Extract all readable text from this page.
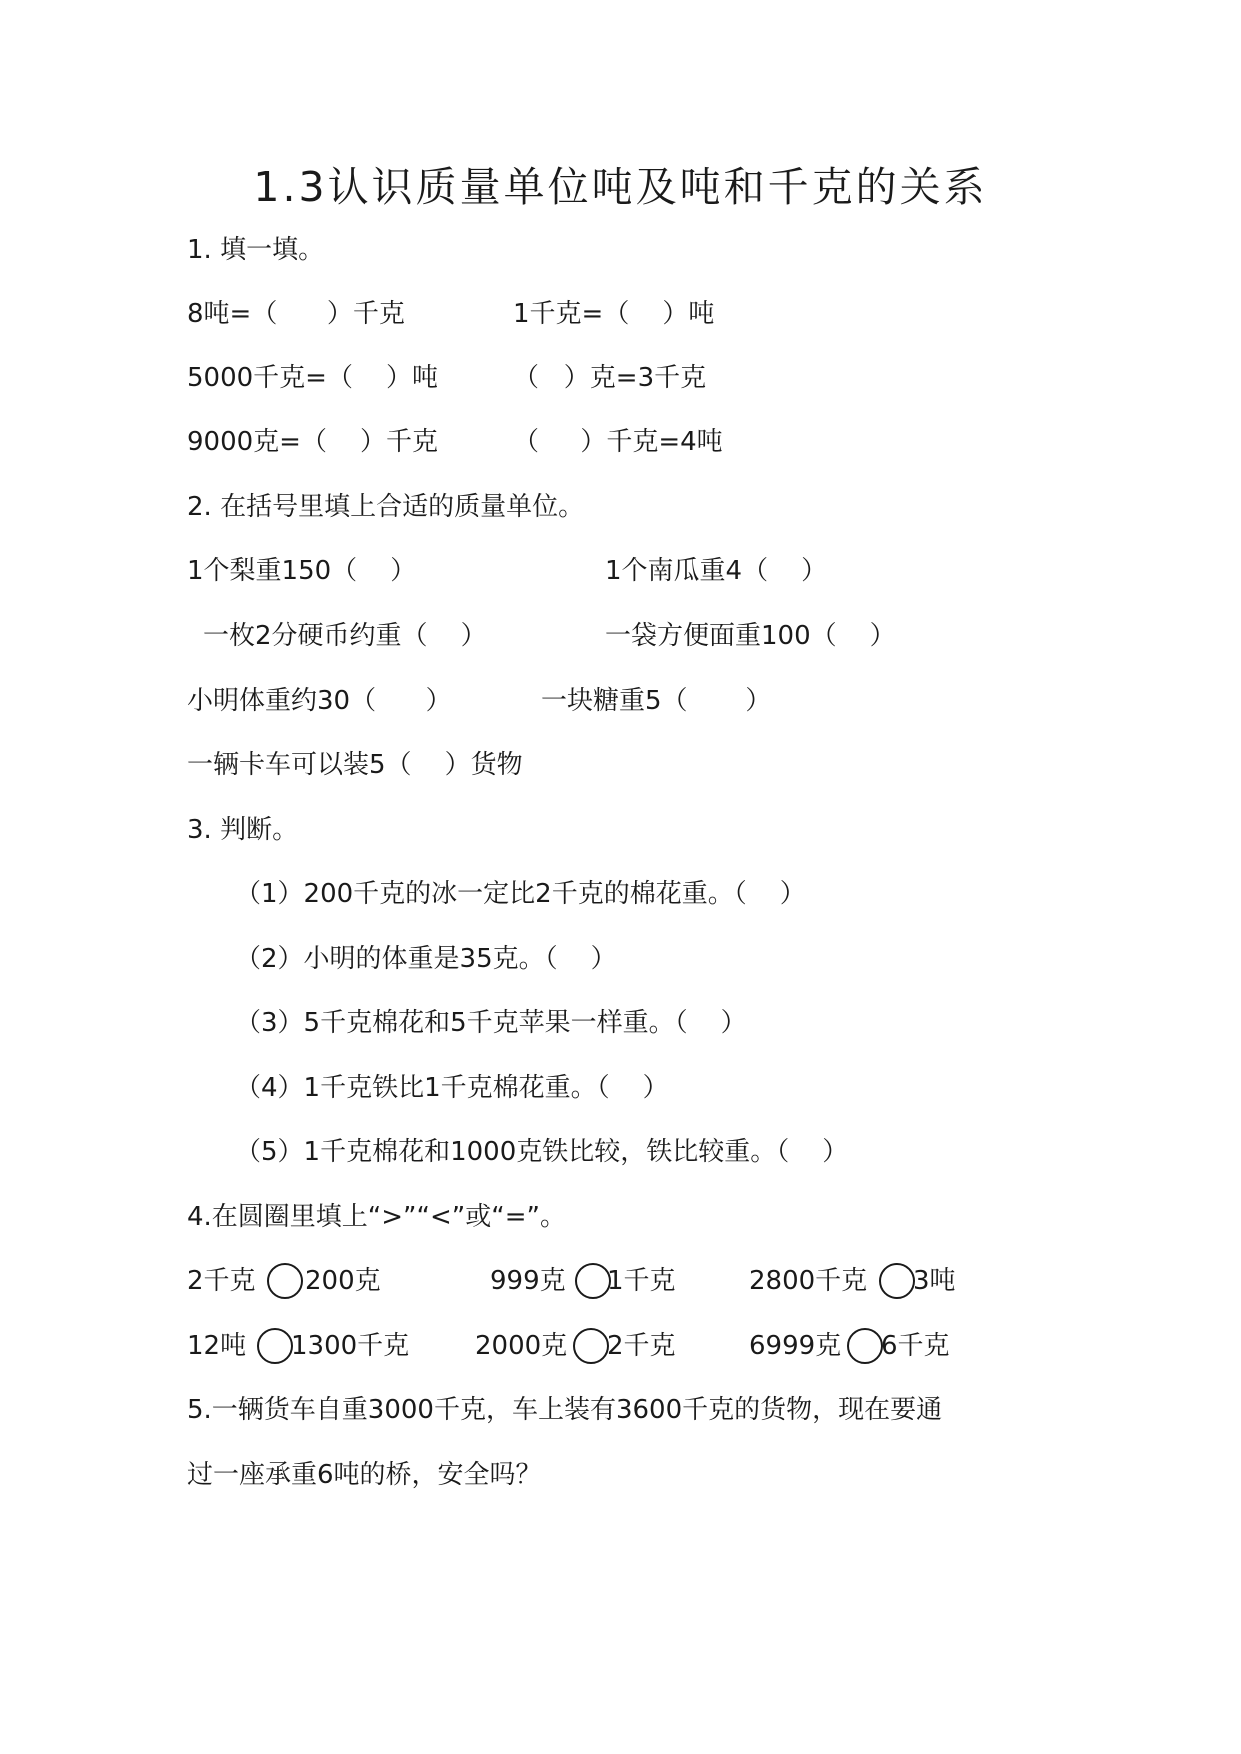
1.3认识质量单位吨及吨和千克的关系
1. 填一填。
8吨=（      ）千克	1千克=（    ）吨
5000千克=（    ）吨	（   ）克=3千克
9000克=（    ）千克	（     ）千克=4吨
2. 在括号里填上合适的质量单位。
1个梨重150（    ）	1个南瓜重4（    ）
一枚2分硬币约重（    ）	一袋方便面重100（    ）
小明体重约30（      ）	一块糖重5（       ）
一辆卡车可以装5（    ）货物
3. 判断。
（1）200千克的冰一定比2千克的棉花重。（    ）
（2）小明的体重是35克。（    ）
（3）5千克棉花和5千克苹果一样重。（    ）
（4）1千克铁比1千克棉花重。（    ）
（5）1千克棉花和1000克铁比较，铁比较重。（    ）
4.在圆圈里填上“>”“<”或“=”。
2千克 200克	999克 1千克	2800千克 3吨
12吨 1300千克	2000克 2千克	6999克 6千克
5.一辆货车自重3000千克，车上装有3600千克的货物，现在要通
过一座承重6吨的桥，安全吗？
